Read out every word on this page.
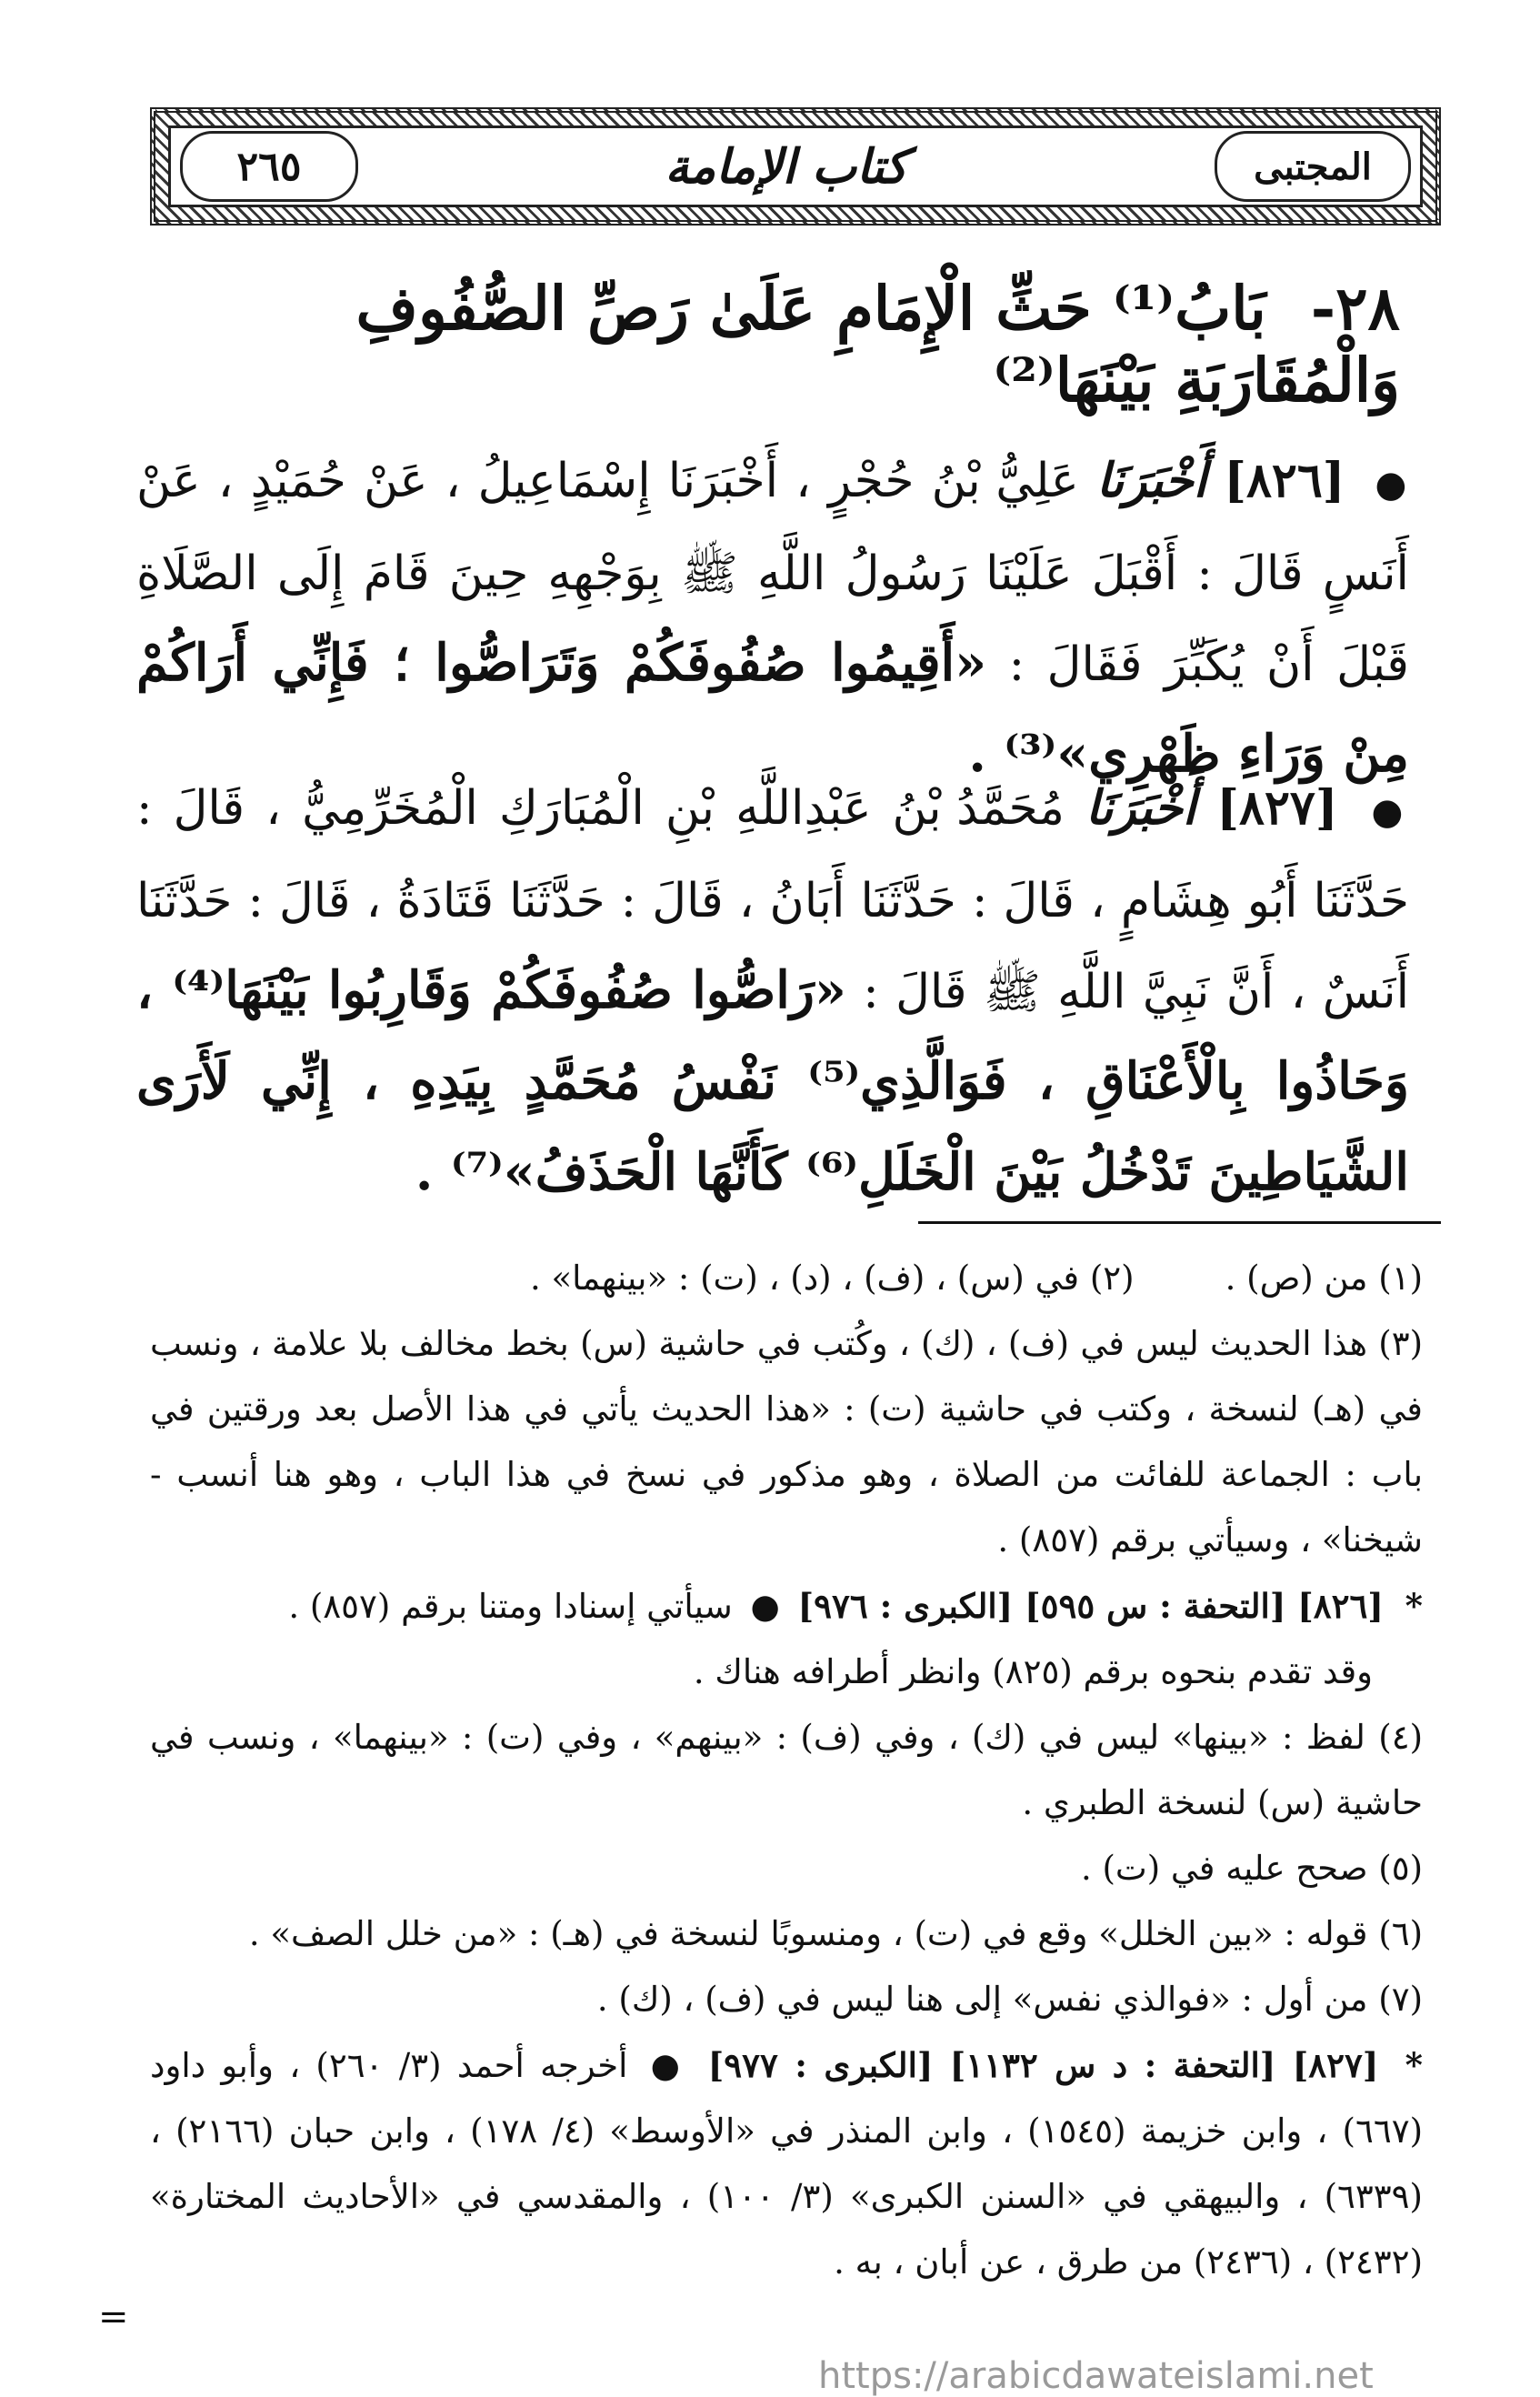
٢٦٥	كتاب الإمامة	المجتبى
٢٨- بَابُ⁽¹⁾ حَثِّ الْإِمَامِ عَلَىٰ رَصِّ الصُّفُوفِ وَالْمُقَارَبَةِ بَيْنَهَا⁽²⁾
● [٨٢٦] أَخْبَرَنَا عَلِيُّ بْنُ حُجْرٍ ، أَخْبَرَنَا إِسْمَاعِيلُ ، عَنْ حُمَيْدٍ ، عَنْ أَنَسٍ قَالَ : أَقْبَلَ عَلَيْنَا رَسُولُ اللَّهِ ﷺ بِوَجْهِهِ حِينَ قَامَ إِلَى الصَّلَاةِ قَبْلَ أَنْ يُكَبِّرَ فَقَالَ : «أَقِيمُوا صُفُوفَكُمْ وَتَرَاصُّوا ؛ فَإِنِّي أَرَاكُمْ مِنْ وَرَاءِ ظَهْرِي»⁽³⁾ .
● [٨٢٧] أَخْبَرَنَا مُحَمَّدُ بْنُ عَبْدِاللَّهِ بْنِ الْمُبَارَكِ الْمُخَرِّمِيُّ ، قَالَ : حَدَّثَنَا أَبُو هِشَامٍ ، قَالَ : حَدَّثَنَا أَبَانُ ، قَالَ : حَدَّثَنَا قَتَادَةُ ، قَالَ : حَدَّثَنَا أَنَسٌ ، أَنَّ نَبِيَّ اللَّهِ ﷺ قَالَ : «رَاصُّوا صُفُوفَكُمْ وَقَارِبُوا بَيْنَهَا⁽⁴⁾ ، وَحَاذُوا بِالْأَعْنَاقِ ، فَوَالَّذِي⁽⁵⁾ نَفْسُ مُحَمَّدٍ بِيَدِهِ ، إِنِّي لَأَرَى الشَّيَاطِينَ تَدْخُلُ بَيْنَ الْخَلَلِ⁽⁶⁾ كَأَنَّهَا الْحَذَفُ»⁽⁷⁾ .
(١) من (ص) .
(٢) في (س) ، (ف) ، (د) ، (ت) : «بينهما» .
(٣) هذا الحديث ليس في (ف) ، (ك) ، وكُتب في حاشية (س) بخط مخالف بلا علامة ، ونسب في (هـ) لنسخة ، وكتب في حاشية (ت) : «هذا الحديث يأتي في هذا الأصل بعد ورقتين في باب : الجماعة للفائت من الصلاة ، وهو مذكور في نسخ في هذا الباب ، وهو هنا أنسب - شيخنا» ، وسيأتي برقم (٨٥٧) .
* [٨٢٦] [التحفة : س ٥٩٥] [الكبرى : ٩٧٦] ● سيأتي إسنادا ومتنا برقم (٨٥٧) .
وقد تقدم بنحوه برقم (٨٢٥) وانظر أطرافه هناك .
(٤) لفظ : «بينها» ليس في (ك) ، وفي (ف) : «بينهم» ، وفي (ت) : «بينهما» ، ونسب في حاشية (س) لنسخة الطبري .
(٥) صحح عليه في (ت) .
(٦) قوله : «بين الخلل» وقع في (ت) ، ومنسوبًا لنسخة في (هـ) : «من خلل الصف» .
(٧) من أول : «فوالذي نفس» إلى هنا ليس في (ف) ، (ك) .
* [٨٢٧] [التحفة : د س ١١٣٢] [الكبرى : ٩٧٧] ● أخرجه أحمد (٣/ ٢٦٠) ، وأبو داود (٦٦٧) ، وابن خزيمة (١٥٤٥) ، وابن المنذر في «الأوسط» (٤/ ١٧٨) ، وابن حبان (٢١٦٦) ، (٦٣٣٩) ، والبيهقي في «السنن الكبرى» (٣/ ١٠٠) ، والمقدسي في «الأحاديث المختارة» (٢٤٣٢) ، (٢٤٣٦) من طرق ، عن أبان ، به .
=
https://arabicdawateislami.net
